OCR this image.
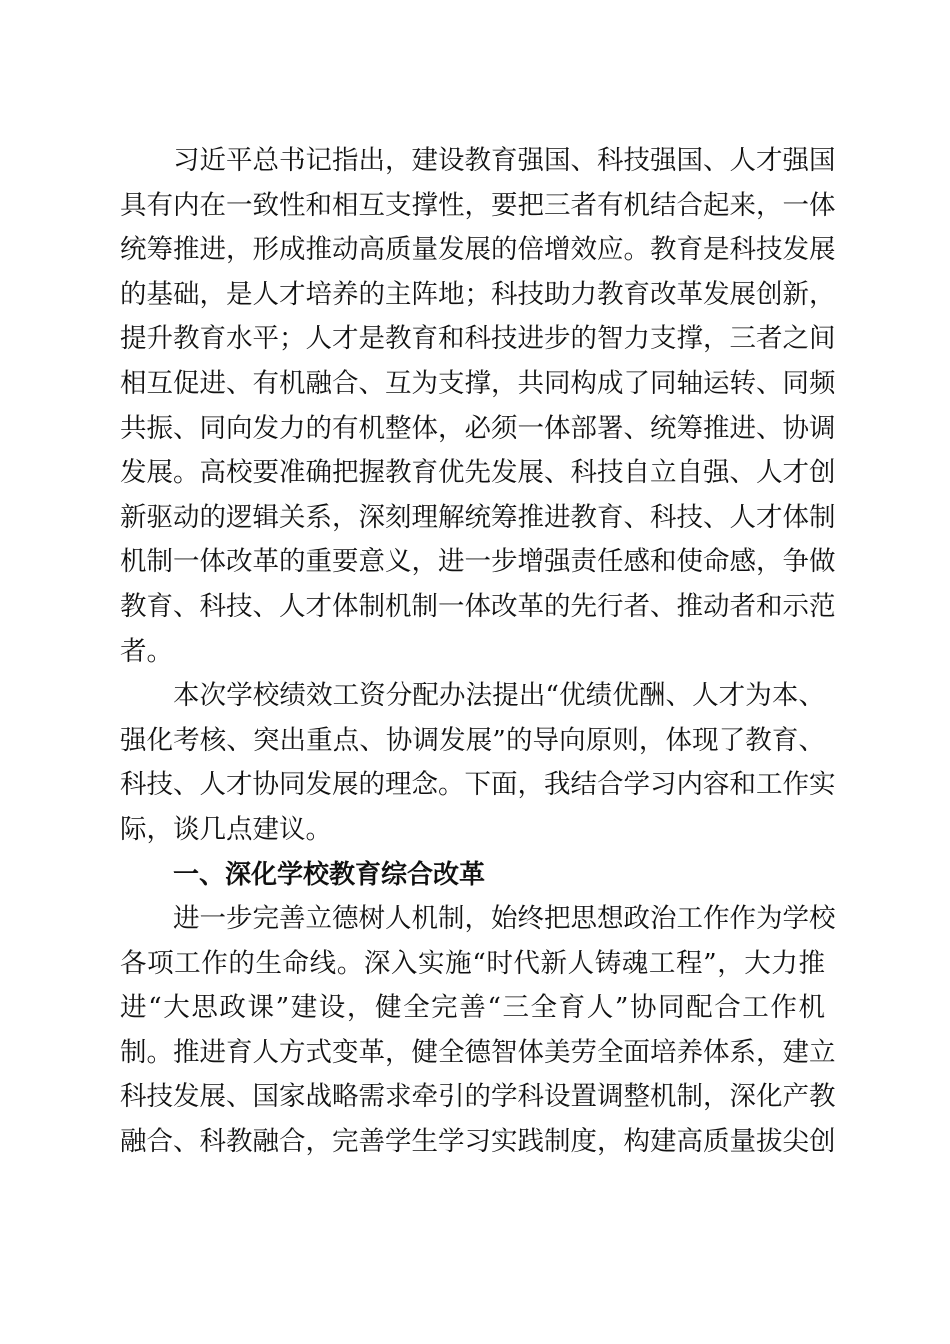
习近平总书记指出，建设教育强国、科技强国、人才强国
具有内在一致性和相互支撑性，要把三者有机结合起来，一体
统筹推进，形成推动高质量发展的倍增效应。教育是科技发展
的基础，是人才培养的主阵地；科技助力教育改革发展创新，
提升教育水平；人才是教育和科技进步的智力支撑，三者之间
相互促进、有机融合、互为支撑，共同构成了同轴运转、同频
共振、同向发力的有机整体，必须一体部署、统筹推进、协调
发展。高校要准确把握教育优先发展、科技自立自强、人才创
新驱动的逻辑关系，深刻理解统筹推进教育、科技、人才体制
机制一体改革的重要意义，进一步增强责任感和使命感，争做
教育、科技、人才体制机制一体改革的先行者、推动者和示范
者。
本次学校绩效工资分配办法提出“优绩优酬、人才为本、
强化考核、突出重点、协调发展”的导向原则，体现了教育、
科技、人才协同发展的理念。下面，我结合学习内容和工作实
际，谈几点建议。
一、深化学校教育综合改革
进一步完善立德树人机制，始终把思想政治工作作为学校
各项工作的生命线。深入实施“时代新人铸魂工程”，大力推
进“大思政课”建设，健全完善“三全育人”协同配合工作机
制。推进育人方式变革，健全德智体美劳全面培养体系，建立
科技发展、国家战略需求牵引的学科设置调整机制，深化产教
融合、科教融合，完善学生学习实践制度，构建高质量拔尖创
